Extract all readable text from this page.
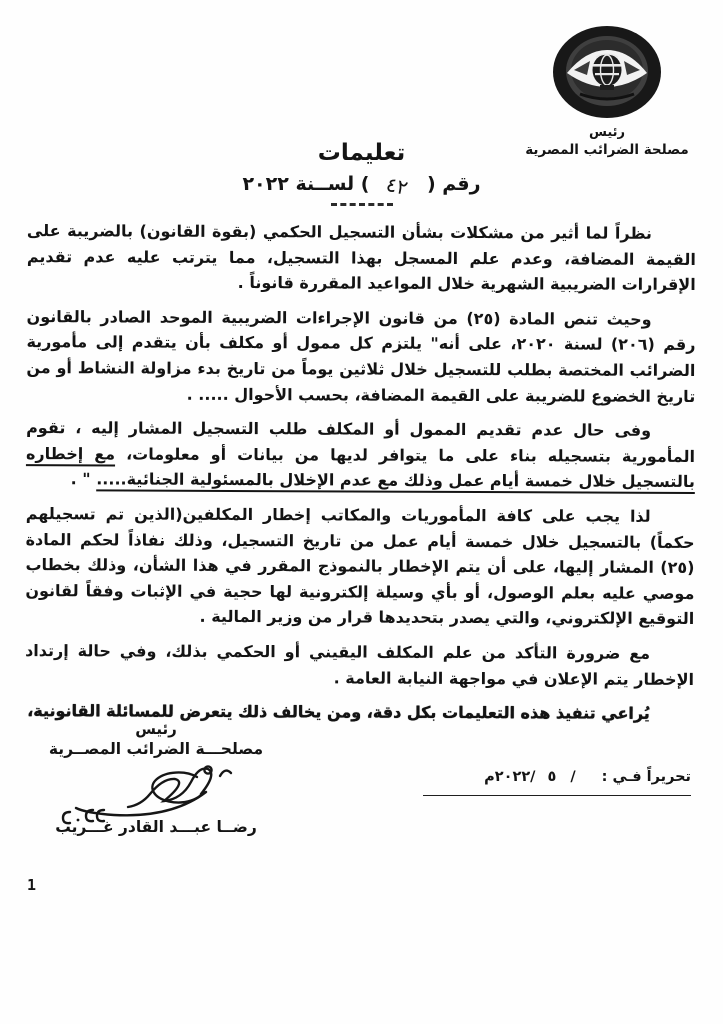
رئيس
مصلحة الضرائب المصرية
تعليمات
رقم (٤٢) لســنة ٢٠٢٢

نظراً لما أثير من مشكلات بشأن التسجيل الحكمي (بقوة القانون) بالضريبة على القيمة المضافة، وعدم علم المسجل بهذا التسجيل، مما يترتب عليه عدم تقديم الإقرارات الضريبية الشهرية خلال المواعيد المقررة قانوناً .

وحيث تنص المادة (٢٥) من قانون الإجراءات الضريبية الموحد الصادر بالقانون رقم (٢٠٦) لسنة ٢٠٢٠، على أنه" يلتزم كل ممول أو مكلف بأن يتقدم إلى مأمورية الضرائب المختصة بطلب للتسجيل خلال ثلاثين يوماً من تاريخ بدء مزاولة النشاط أو من تاريخ الخضوع للضريبة على القيمة المضافة، بحسب الأحوال ..... .

وفى حال عدم تقديم الممول أو المكلف طلب التسجيل المشار إليه ، تقوم المأمورية بتسجيله بناء على ما يتوافر لديها من بيانات أو معلومات، مع إخطاره بالتسجيل خلال خمسة أيام عمل وذلك مع عدم الإخلال بالمسئولية الجنائية..... " .

لذا يجب على كافة المأموريات والمكاتب إخطار المكلفين(الذين تم تسجيلهم حكماً) بالتسجيل خلال خمسة أيام عمل من تاريخ التسجيل، وذلك نفاذاً لحكم المادة (٢٥) المشار إليها، على أن يتم الإخطار بالنموذج المقرر في هذا الشأن، وذلك بخطاب موصي عليه بعلم الوصول، أو بأي وسيلة إلكترونية لها حجية في الإثبات وفقاً لقانون التوقيع الإلكتروني، والتي يصدر بتحديدها قرار من وزير المالية .

مع ضرورة التأكد من علم المكلف اليقيني أو الحكمي بذلك، وفي حالة إرتداد الإخطار يتم الإعلان في مواجهة النيابة العامة .

يُراعي تنفيذ هذه التعليمات بكل دقة، ومن يخالف ذلك يتعرض للمسائلة القانونية،

رئيس
مصلحـــة الضرائب المصــرية
رضــا عبـــد القادر غـــريب
تحريراً فـي :/٥/٢٠٢٢م
1
